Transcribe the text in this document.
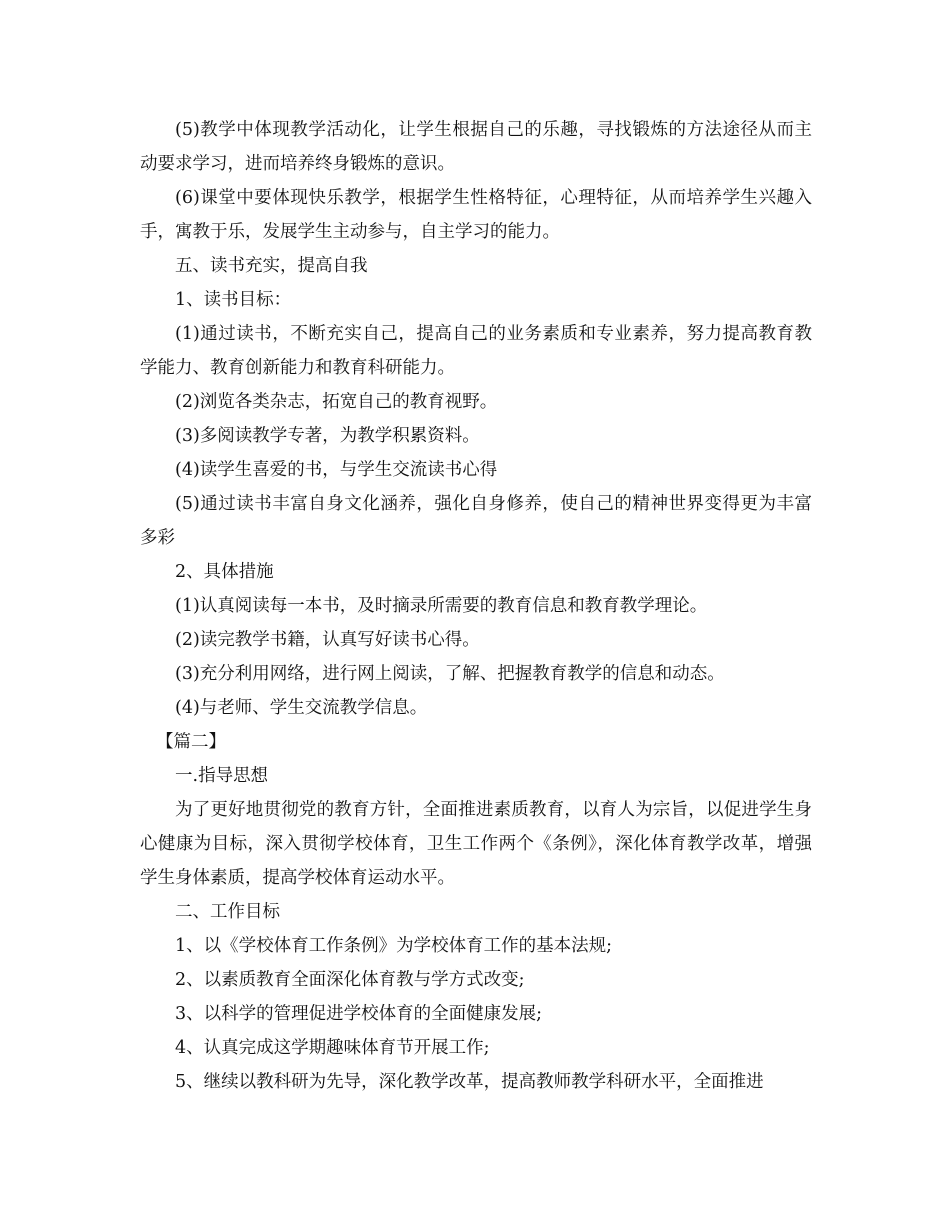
(5)教学中体现教学活动化，让学生根据自己的乐趣，寻找锻炼的方法途径从而主动要求学习，进而培养终身锻炼的意识。

(6)课堂中要体现快乐教学，根据学生性格特征，心理特征，从而培养学生兴趣入手，寓教于乐，发展学生主动参与，自主学习的能力。

五、读书充实，提高自我

1、读书目标：

(1)通过读书，不断充实自己，提高自己的业务素质和专业素养，努力提高教育教学能力、教育创新能力和教育科研能力。

(2)浏览各类杂志，拓宽自己的教育视野。

(3)多阅读教学专著，为教学积累资料。

(4)读学生喜爱的书，与学生交流读书心得

(5)通过读书丰富自身文化涵养，强化自身修养，使自己的精神世界变得更为丰富多彩

2、具体措施

(1)认真阅读每一本书，及时摘录所需要的教育信息和教育教学理论。

(2)读完教学书籍，认真写好读书心得。

(3)充分利用网络，进行网上阅读，了解、把握教育教学的信息和动态。

(4)与老师、学生交流教学信息。

【篇二】

一.指导思想

为了更好地贯彻党的教育方针，全面推进素质教育，以育人为宗旨，以促进学生身心健康为目标，深入贯彻学校体育，卫生工作两个《条例》，深化体育教学改革，增强学生身体素质，提高学校体育运动水平。

二、工作目标

1、以《学校体育工作条例》为学校体育工作的基本法规;

2、以素质教育全面深化体育教与学方式改变;

3、以科学的管理促进学校体育的全面健康发展;

4、认真完成这学期趣味体育节开展工作;

5、继续以教科研为先导，深化教学改革，提高教师教学科研水平，全面推进
